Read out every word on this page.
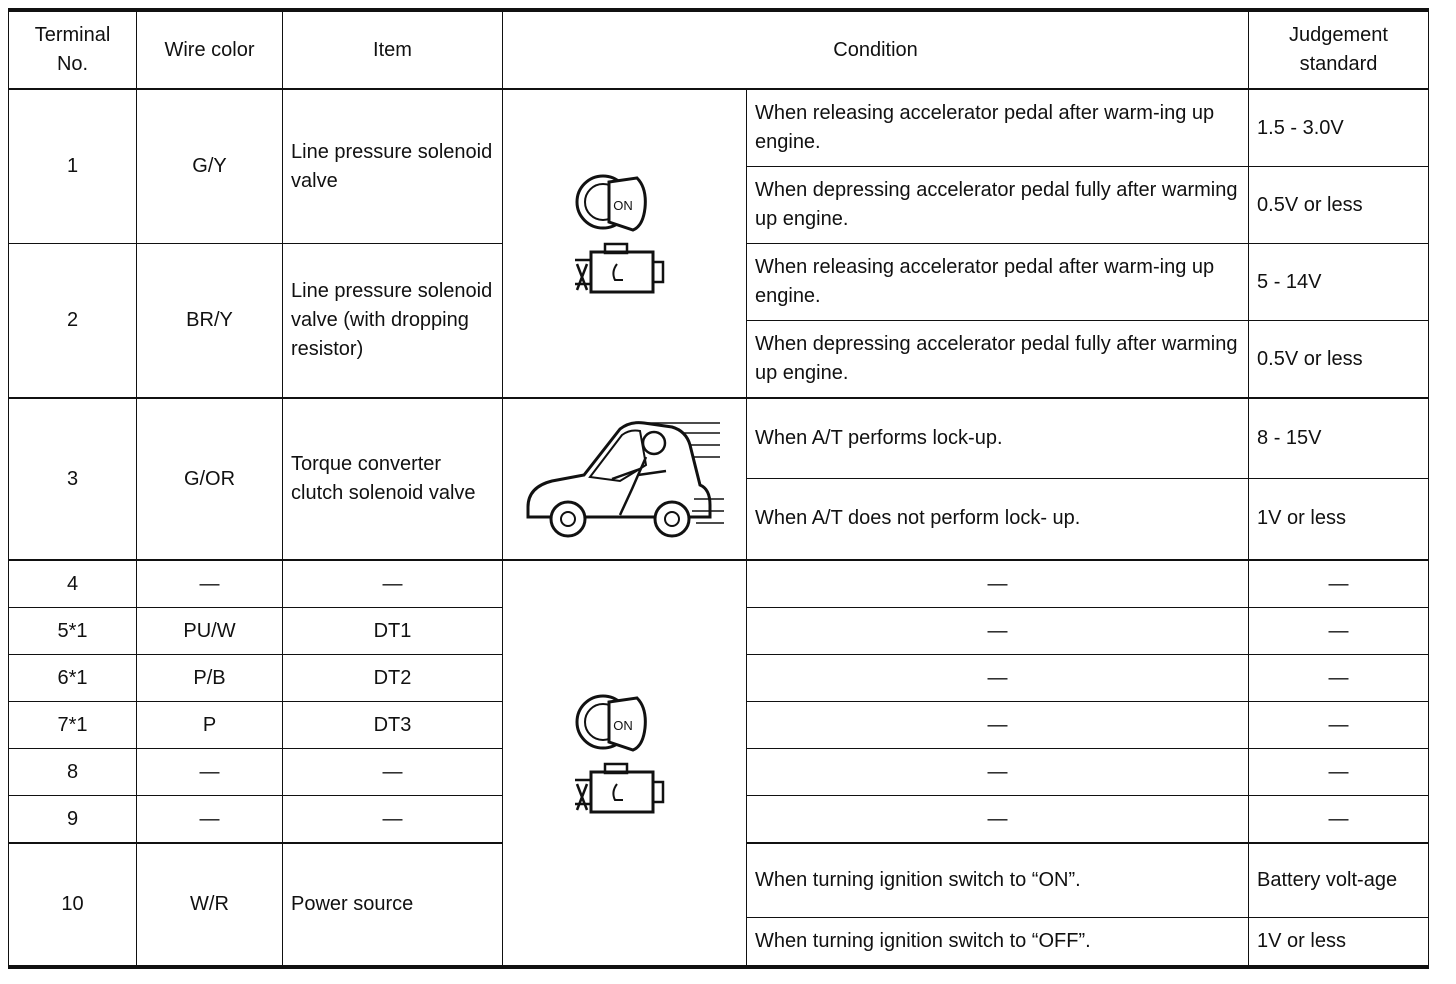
Terminal No.	Wire color	Item	Condition		Judgement standard
1	G/Y	Line pressure solenoid valve	ON	When releasing accelerator pedal after warm-ing up engine.	1.5 - 3.0V
				When depressing accelerator pedal fully after warming up engine.	0.5V or less
2	BR/Y	Line pressure solenoid valve (with dropping resistor)		When releasing accelerator pedal after warm-ing up engine.	5 - 14V
				When depressing accelerator pedal fully after warming up engine.	0.5V or less
3	G/OR	Torque converter clutch solenoid valve		When A/T performs lock-up.	8 - 15V
				When A/T does not perform lock- up.	1V or less
4	—	—	ON	—	—
5*1	PU/W	DT1		—	—
6*1	P/B	DT2		—	—
7*1	P	DT3		—	—
8	—	—		—	—
9	—	—		—	—
10	W/R	Power source		When turning ignition switch to “ON”.	Battery volt-age
				When turning ignition switch to “OFF”.	1V or less
